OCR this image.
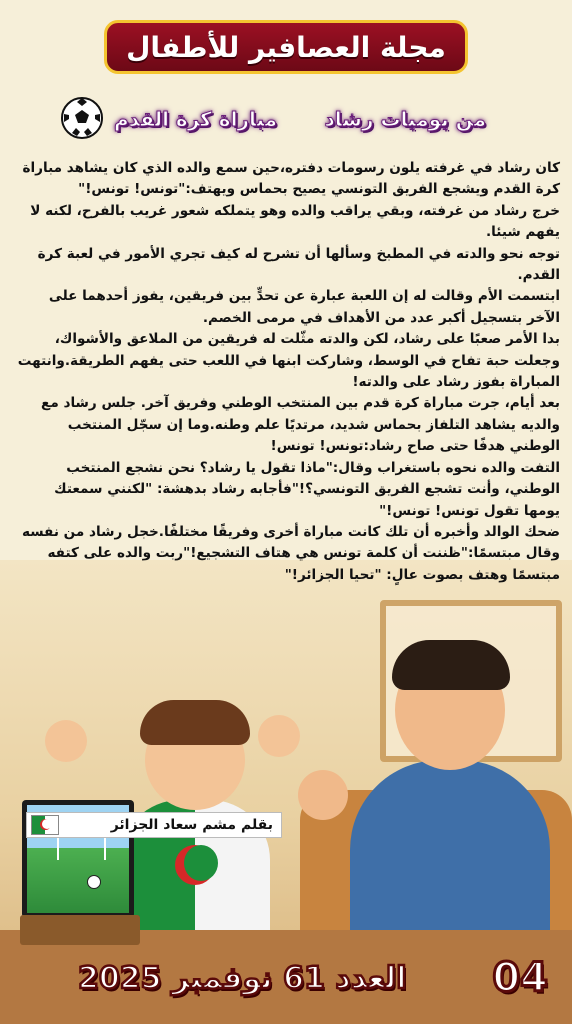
مجلة العصافير للأطفال
من يوميات رشاد
مباراة كرة القدم

كان رشاد في غرفته يلون رسومات دفتره،حين سمع والده الذي كان يشاهد مباراة كرة القدم ويشجع الفريق التونسي يصيح بحماس ويهتف:"تونس! تونس!"

خرج رشاد من غرفته، وبقي يراقب والده وهو يتملكه شعور غريب بالفرح، لكنه لا يفهم شيئا.

توجه نحو والدته في المطبخ وسألها أن تشرح له كيف تجري الأمور في لعبة كرة القدم.

ابتسمت الأم وقالت له إن اللعبة عبارة عن تحدٍّ بين فريقين، يفوز أحدهما على الآخر بتسجيل أكبر عدد من الأهداف في مرمى الخصم.

بدا الأمر صعبًا على رشاد، لكن والدته مثّلت له فريقين من الملاعق والأشواك، وجعلت حبة تفاح في الوسط، وشاركت ابنها في اللعب حتى يفهم الطريقة.وانتهت المباراة بفوز رشاد على والدته!

بعد أيام، جرت مباراة كرة قدم بين المنتخب الوطني وفريق آخر. جلس رشاد مع والديه يشاهد التلفاز بحماس شديد، مرتديًا علم وطنه.وما إن سجّل المنتخب الوطني هدفًا حتى صاح رشاد:تونس! تونس!

التفت والده نحوه باستغراب وقال:"ماذا تقول يا رشاد؟ نحن نشجع المنتخب الوطني، وأنت تشجع الفريق التونسي؟!"فأجابه رشاد بدهشة: "لكنني سمعتك يومها تقول تونس! تونس!"

ضحك الوالد وأخبره أن تلك كانت مباراة أخرى وفريقًا مختلفًا.خجل رشاد من نفسه وقال مبتسمًا:"ظننت أن كلمة تونس هي هتاف التشجيع!"ربت والده على كتفه مبتسمًا وهتف بصوت عالٍ: "تحيا الجزائر!"

بقلم مشم سعاد الجزائر
04
العدد 61 نوفمبر 2025
